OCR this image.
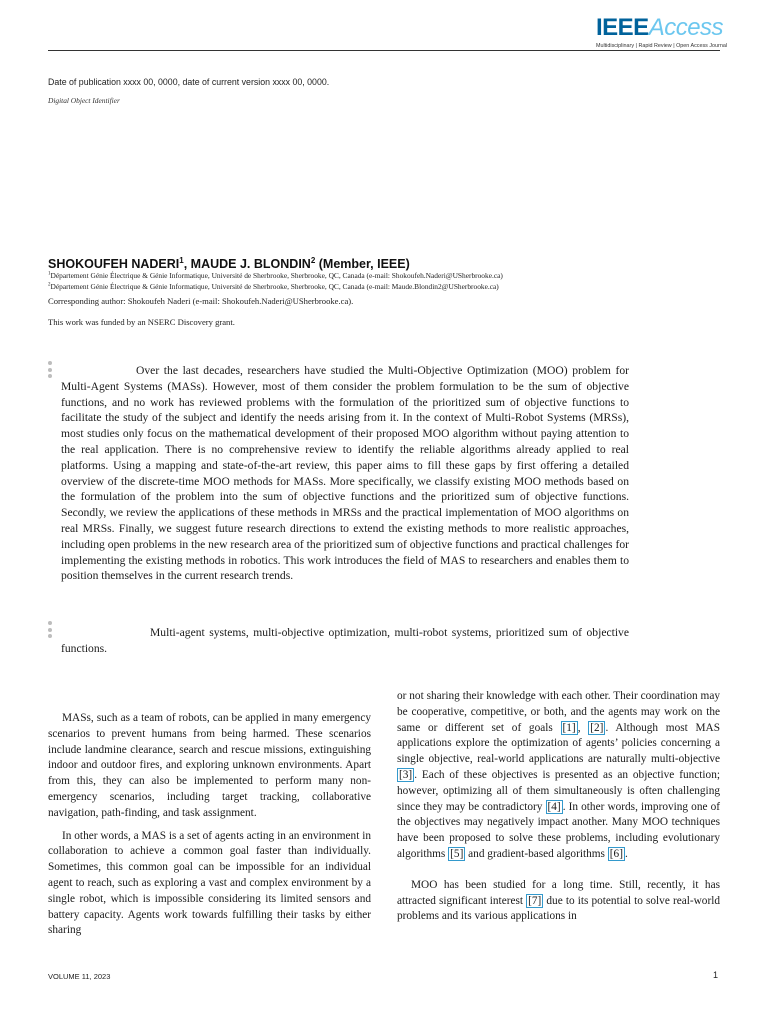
IEEEAccess
Multidisciplinary | Rapid Review | Open Access Journal
Date of publication xxxx 00, 0000, date of current version xxxx 00, 0000.
Digital Object Identifier
SHOKOUFEH NADERI$^1$, MAUDE J. BLONDIN$^2$ (Member, IEEE)
$^1$Département Génie Électrique & Génie Informatique, Université de Sherbrooke, Sherbrooke, QC, Canada (e-mail: Shokoufeh.Naderi@USherbrooke.ca)
$^2$Département Génie Électrique & Génie Informatique, Université de Sherbrooke, Sherbrooke, QC, Canada (e-mail: Maude.Blondin2@USherbrooke.ca)
Corresponding author: Shokoufeh Naderi (e-mail: Shokoufeh.Naderi@USherbrooke.ca).
This work was funded by an NSERC Discovery grant.
Over the last decades, researchers have studied the Multi-Objective Optimization (MOO) problem for Multi-Agent Systems (MASs). However, most of them consider the problem formulation to be the sum of objective functions, and no work has reviewed problems with the formulation of the prioritized sum of objective functions to facilitate the study of the subject and identify the needs arising from it. In the context of Multi-Robot Systems (MRSs), most studies only focus on the mathematical development of their proposed MOO algorithm without paying attention to the real application. There is no comprehensive review to identify the reliable algorithms already applied to real platforms. Using a mapping and state-of-the-art review, this paper aims to fill these gaps by first offering a detailed overview of the discrete-time MOO methods for MASs. More specifically, we classify existing MOO methods based on the formulation of the problem into the sum of objective functions and the prioritized sum of objective functions. Secondly, we review the applications of these methods in MRSs and the practical implementation of MOO algorithms on real MRSs. Finally, we suggest future research directions to extend the existing methods to more realistic approaches, including open problems in the new research area of the prioritized sum of objective functions and practical challenges for implementing the existing methods in robotics. This work introduces the field of MAS to researchers and enables them to position themselves in the current research trends.
Multi-agent systems, multi-objective optimization, multi-robot systems, prioritized sum of objective functions.

MASs, such as a team of robots, can be applied in many emergency scenarios to prevent humans from being harmed. These scenarios include landmine clearance, search and rescue missions, extinguishing indoor and outdoor fires, and exploring unknown environments. Apart from this, they can also be implemented to perform many non-emergency scenarios, including target tracking, collaborative navigation, path-finding, and task assignment.

In other words, a MAS is a set of agents acting in an environment in collaboration to achieve a common goal faster than individually. Sometimes, this common goal can be impossible for an individual agent to reach, such as exploring a vast and complex environment by a single robot, which is impossible considering its limited sensors and battery capacity. Agents work towards fulfilling their tasks by either sharing

or not sharing their knowledge with each other. Their coordination may be cooperative, competitive, or both, and the agents may work on the same or different set of goals [1] , [2] . Although most MAS applications explore the optimization of agents’ policies concerning a single objective, real-world applications are naturally multi-objective [3] . Each of these objectives is presented as an objective function; however, optimizing all of them simultaneously is often challenging since they may be contradictory [4] . In other words, improving one of the objectives may negatively impact another. Many MOO techniques have been proposed to solve these problems, including evolutionary algorithms [5] and gradient-based algorithms [6] .

MOO has been studied for a long time. Still, recently, it has attracted significant interest [7] due to its potential to solve real-world problems and its various applications in

VOLUME 11, 2023	1
